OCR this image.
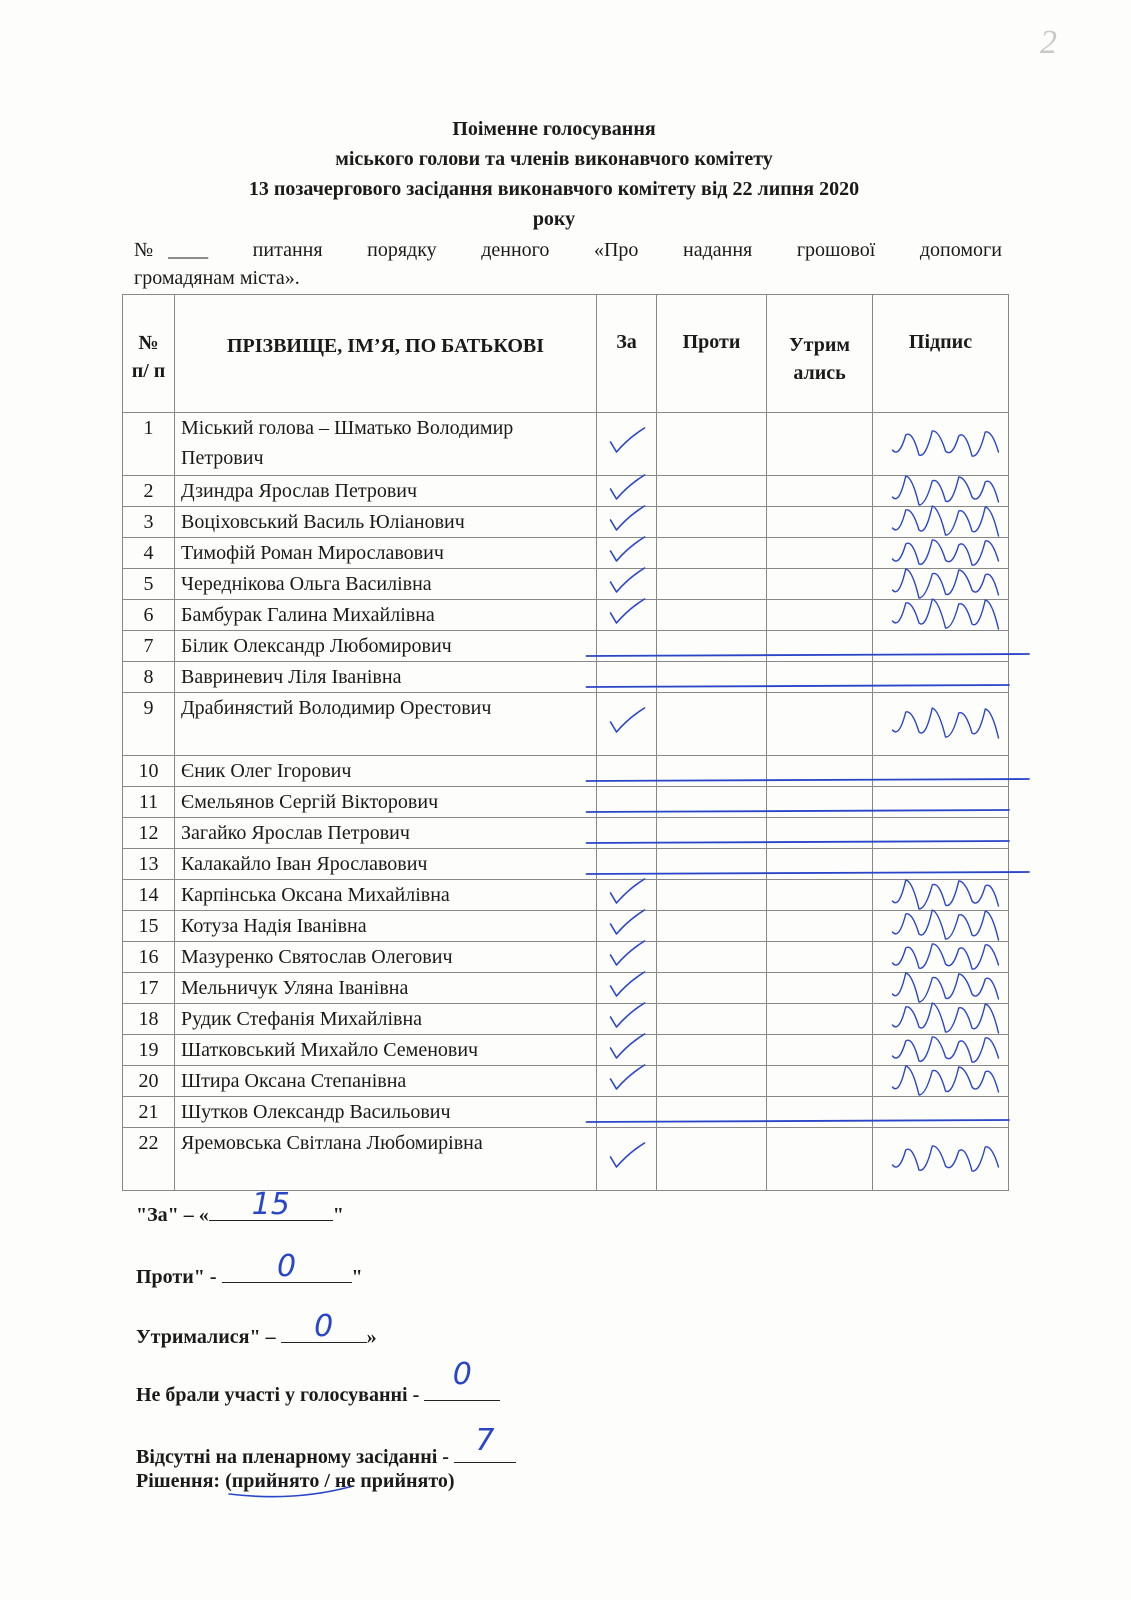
2
Поіменне голосування
міського голови та членів виконавчого комітету
13 позачергового засідання виконавчого комітету від 22 липня 2020
року
№ ____ питання порядку денного «Про надання грошової допомоги
громадянам міста».
№ п/ п	ПРІЗВИЩЕ, ІМ’Я, ПО БАТЬКОВІ	За	Проти	Утрим ались	Підпис
1	Міський голова – Шматько Володимир Петрович				
2	Дзиндра Ярослав Петрович				
3	Воціховський Василь Юліанович				
4	Тимофій Роман Мирославович				
5	Череднікова Ольга Василівна				
6	Бамбурак Галина Михайлівна				
7	Білик Олександр Любомирович				
8	Вавриневич Ліля Іванівна				
9	Драбинястий Володимир Орестович				
10	Єник Олег Ігорович				
11	Ємельянов Сергій Вікторович				
12	Загайко Ярослав Петрович				
13	Калакайло Іван Ярославович				
14	Карпінська Оксана Михайлівна				
15	Котуза Надія Іванівна				
16	Мазуренко Святослав Олегович				
17	Мельничук Уляна Іванівна				
18	Рудик Стефанія Михайлівна				
19	Шатковський Михайло Семенович				
20	Штира Оксана Степанівна				
21	Шутков Олександр Васильович				
22	Яремовська Світлана Любомирівна				
"За" – «	15	"
Проти" -	0	"
Утрималися" –	0	»
Не брали участі у голосуванні -
0
Відсутні на пленарному засіданні - 7
Рішення: (прийнято / не прийнято)
